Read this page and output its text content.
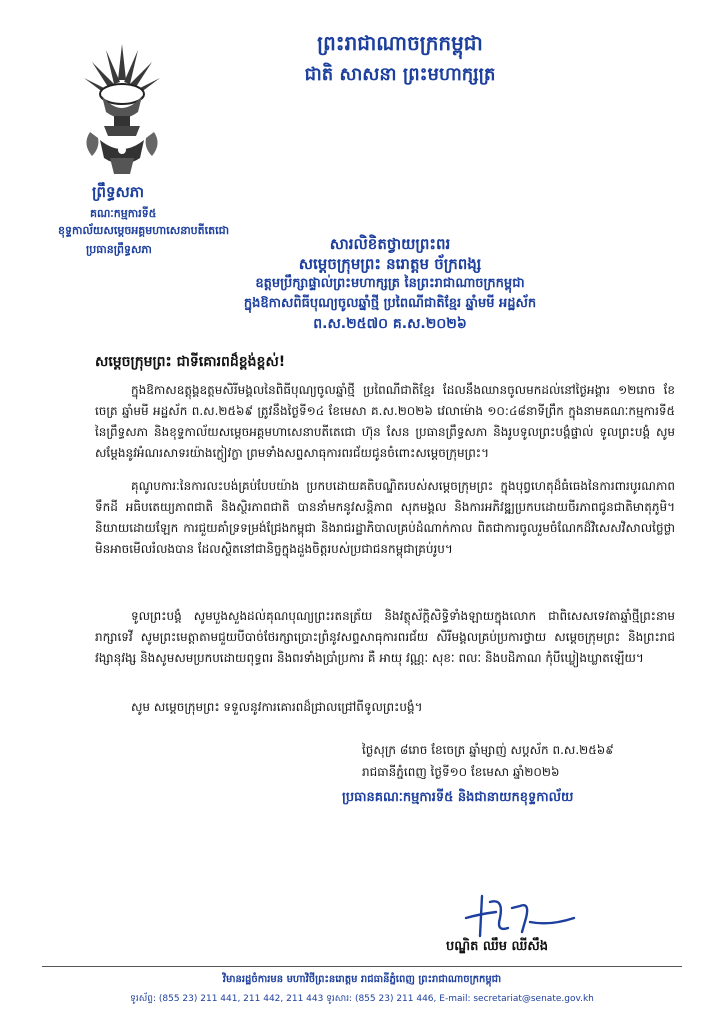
ព្រះរាជាណាចក្រកម្ពុជា
ជាតិ សាសនា ព្រះមហាក្សត្រ
ព្រឹទ្ធសភា
គណៈកម្មការទី៥
ខុទ្ទកាល័យសម្តេចអគ្គមហាសេនាបតីតេជោ
ប្រធានព្រឹទ្ធសភា	សារលិខិតថ្វាយព្រះពរ
សម្តេចក្រុមព្រះ នរោត្តម ច័ក្រពង្ស
ឧត្តមប្រឹក្សាផ្ទាល់ព្រះមហាក្សត្រ នៃព្រះរាជាណាចក្រកម្ពុជា
ក្នុងឱកាសពិធីបុណ្យចូលឆ្នាំថ្មី ប្រពៃណីជាតិខ្មែរ ឆ្នាំមមី អដ្ឋស័ក
ព.ស.២៥៧០ គ.ស.២០២៦
សម្តេចក្រុមព្រះ ជាទីគោរពដ៏ខ្ពង់ខ្ពស់!
ក្នុងឱកាសឧត្តុង្គឧត្តមសិរីមង្គលនៃពិធីបុណ្យចូលឆ្នាំថ្មី ប្រពៃណីជាតិខ្មែរ ដែលនឹងឈានចូលមកដល់នៅថ្ងៃអង្គារ ១២រោច ខែចេត្រ ឆ្នាំមមី អដ្ឋស័ក ព.ស.២៥៦៩ ត្រូវនឹងថ្ងៃទី១៤ ខែមេសា គ.ស.២០២៦ វេលាម៉ោង ១០:៤៨នាទីព្រឹក ក្នុងនាមគណៈកម្មការទី៥ នៃព្រឹទ្ធសភា និងខុទ្ទកាល័យសម្តេចអគ្គមហាសេនាបតីតេជោ ហ៊ុន សែន ប្រធានព្រឹទ្ធសភា និងរូបទូលព្រះបង្គំផ្ទាល់ ទូលព្រះបង្គំ សូមសម្តែងនូវអំណរសាទរយ៉ាងក្លៀវក្លា ព្រមទាំងសព្ទសាធុការពរជ័យជូនចំពោះសម្តេចក្រុមព្រះ។
គុណូបការៈនៃការលះបង់គ្រប់បែបយ៉ាង ប្រកបដោយគតិបណ្ឌិតរបស់សម្តេចក្រុមព្រះ ក្នុងបុព្វហេតុដ៏ធំធេងនៃការពារបូរណភាពទឹកដី អធិបតេយ្យភាពជាតិ និងស្ថិរភាពជាតិ បាននាំមកនូវសន្តិភាព សុភមង្គល និងការអភិវឌ្ឍប្រកបដោយចីរភាពជូនជាតិមាតុភូមិ។ និយាយដោយឡែក ការជួយគាំទ្រទម្រង់ជ្រែងកម្ពុជា និងរាជរដ្ឋាភិបាលគ្រប់ដំណាក់កាល ពិតជាការចូលរួមចំណែកដ៏វិសេសវិសាលថ្លៃថ្លាមិនអាចមើលរំលងបាន ដែលស្ថិតនៅជានិច្ចក្នុងដួងចិត្តរបស់ប្រជាជនកម្ពុជាគ្រប់រូប។
ទូលព្រះបង្គំ សូមបួងសួងដល់គុណបុណ្យព្រះរតនត្រ័យ និងវត្ថុស័ក្តិសិទ្ធិទាំងឡាយក្នុងលោក ជាពិសេសទេវតាឆ្នាំថ្មីព្រះនាម រាក្សាទេវី សូមព្រះមេត្តាតាមជួយបីបាច់ថែរក្សាប្រោះព្រំនូវសព្ទសាធុការពរជ័យ សិរីមង្គលគ្រប់ប្រការថ្វាយ សម្តេចក្រុមព្រះ និងព្រះរាជវង្សានុវង្ស និងសូមសមប្រកបដោយពុទ្ធពរ និងពរទាំងប្រាំប្រការ គឺ អាយុ វណ្ណៈ សុខៈ ពលៈ និងបដិភាណ កុំបីឃ្លៀងឃ្លាតឡើយ។
សូម សម្តេចក្រុមព្រះ ទទួលនូវការគោរពដ៏ជ្រាលជ្រៅពីទូលព្រះបង្គំ។
ថ្ងៃសុក្រ ៨រោច ខែចេត្រ ឆ្នាំម្សាញ់ សប្តស័ក ព.ស.២៥៦៩
រាជធានីភ្នំពេញ ថ្ងៃទី១០ ខែមេសា ឆ្នាំ២០២៦
ប្រធានគណៈកម្មការទី៥ និងជានាយកខុទ្ទកាល័យ
បណ្ឌិត ឈឹម ឈីសឹង
វិមានរដ្ឋចំការមន មហាវិថីព្រះនរោត្តម រាជធានីភ្នំពេញ ព្រះរាជាណាចក្រកម្ពុជា
ទូរស័ព្ទ: (855 23) 211 441, 211 442, 211 443 ទូរសារ: (855 23) 211 446, E-mail: secretariat@senate.gov.kh
